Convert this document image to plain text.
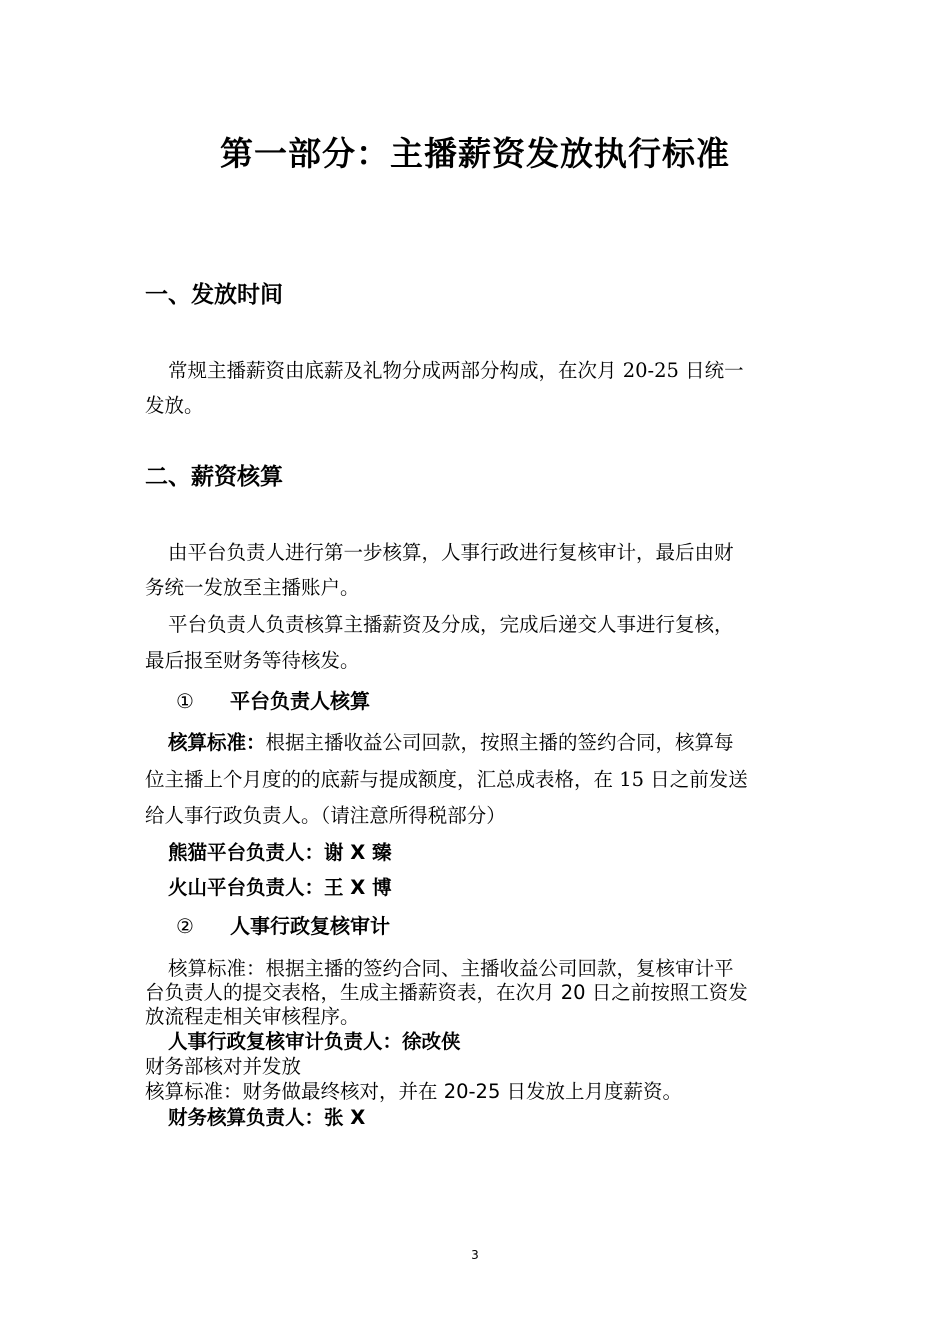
第一部分：主播薪资发放执行标准
一、发放时间

常规主播薪资由底薪及礼物分成两部分构成，在次月 20-25 日统一

发放。

二、薪资核算

由平台负责人进行第一步核算，人事行政进行复核审计，最后由财

务统一发放至主播账户。

平台负责人负责核算主播薪资及分成，完成后递交人事进行复核，

最后报至财务等待核发。

① 平台负责人核算

核算标准：根据主播收益公司回款，按照主播的签约合同，核算每

位主播上个月度的的底薪与提成额度，汇总成表格，在 15 日之前发送

给人事行政负责人。（请注意所得税部分）

熊猫平台负责人：谢 X 臻

火山平台负责人：王 X 博

② 人事行政复核审计

核算标准：根据主播的签约合同、主播收益公司回款，复核审计平

台负责人的提交表格，生成主播薪资表，在次月 20 日之前按照工资发

放流程走相关审核程序。

人事行政复核审计负责人：徐改侠

财务部核对并发放

核算标准：财务做最终核对，并在 20-25 日发放上月度薪资。

财务核算负责人：张 X

3
